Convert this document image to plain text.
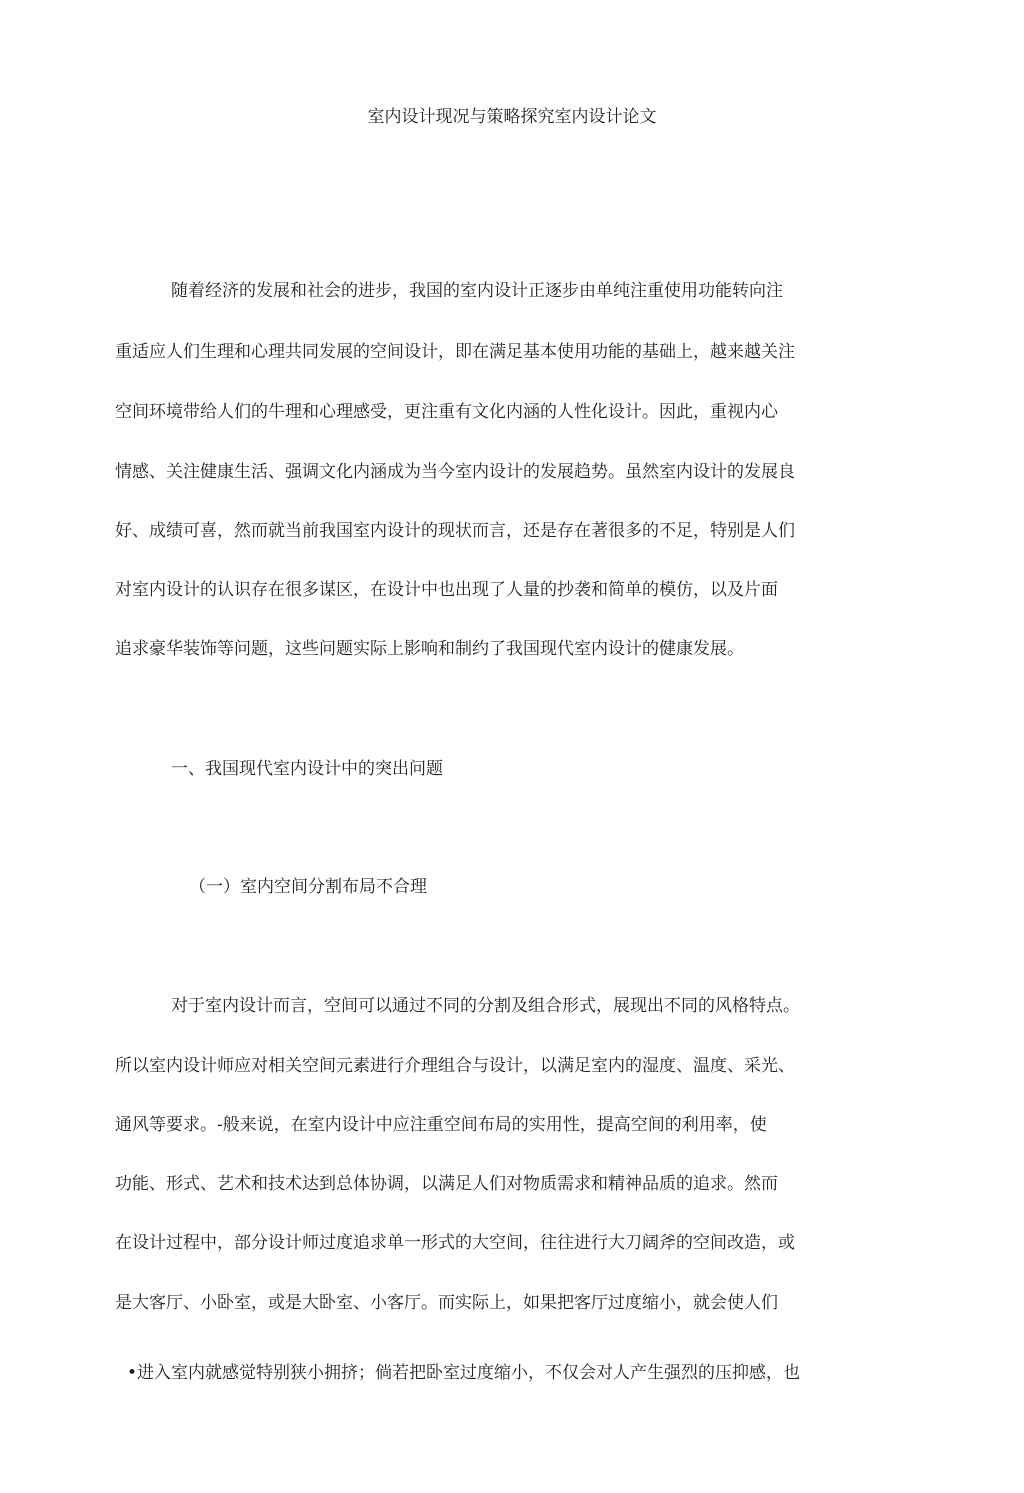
室内设计现况与策略探究室内设计论文
随着经济的发展和社会的进步，我国的室内设计正逐步由单纯注重使用功能转向注
重适应人们生理和心理共同发展的空间设计，即在满足基本使用功能的基础上，越来越关注
空间环境带给人们的牛理和心理感受，更注重有文化内涵的人性化设计。因此，重视内心
情感、关注健康生活、强调文化内涵成为当今室内设计的发展趋势。虽然室内设计的发展良
好、成绩可喜，然而就当前我国室内设计的现状而言，还是存在著很多的不足，特别是人们
对室内设计的认识存在很多谋区，在设计中也出现了人量的抄袭和简单的模仿，以及片面
追求豪华装饰等问题，这些问题实际上影响和制约了我国现代室内设计的健康发展。
一、我国现代室内设计中的突出问题
（一）室内空间分割布局不合理
对于室内设计而言，空间可以通过不同的分割及组合形式，展现出不同的风格特点。
所以室内设计师应对相关空间元素进行介理组合与设计，以满足室内的湿度、温度、采光、
通风等要求。-般来说，在室内设计中应注重空间布局的实用性，提高空间的利用率，使
功能、形式、艺术和技术达到总体协调，以满足人们对物质需求和精神品质的追求。然而
在设计过程中，部分设计师过度追求单一形式的大空间，往往进行大刀阔斧的空间改造，或
是大客厅、小卧室，或是大卧室、小客厅。而实际上，如果把客厅过度缩小，就会使人们
•进入室内就感觉特别狭小拥挤；倘若把卧室过度缩小，不仅会对人产生强烈的压抑感，也
